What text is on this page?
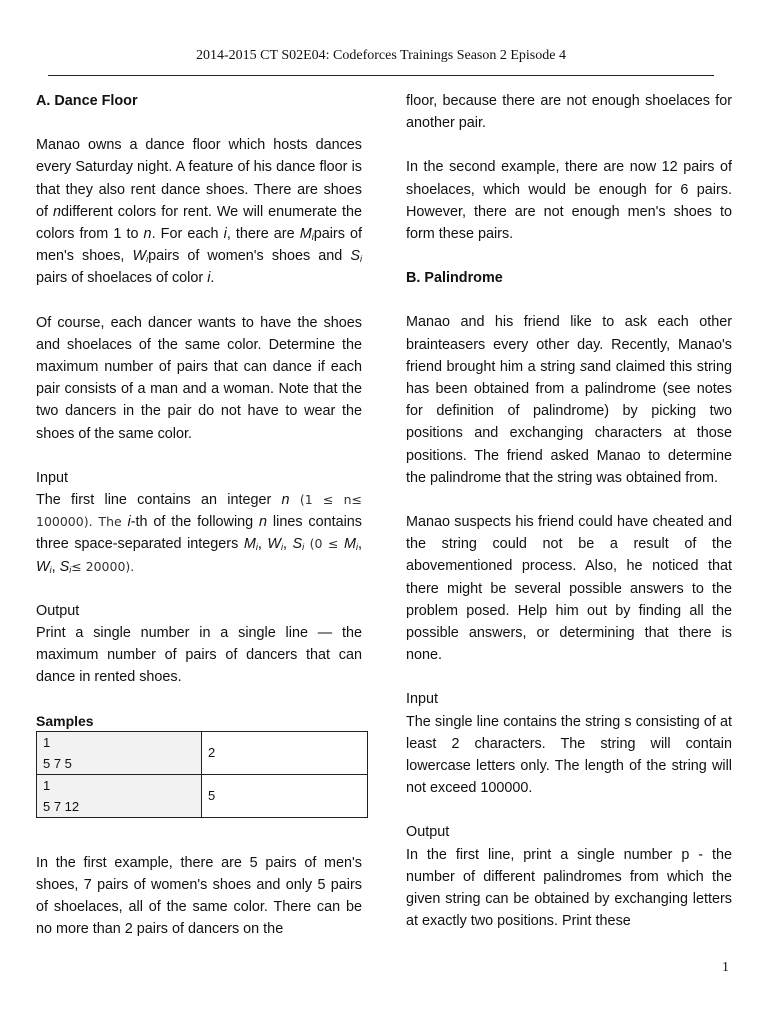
2014-2015 CT S02E04: Codeforces Trainings Season 2 Episode 4
A. Dance Floor

Manao owns a dance floor which hosts dances every Saturday night. A feature of his dance floor is that they also rent dance shoes. There are shoes of ndifferent colors for rent. We will enumerate the colors from 1 to n. For each i, there are $M_ipairs$ of men's shoes, $W_ipairs$ of women's shoes and $S_i$ pairs of shoelaces of color i.

Of course, each dancer wants to have the shoes and shoelaces of the same color. Determine the maximum number of pairs that can dance if each pair consists of a man and a woman. Note that the two dancers in the pair do not have to wear the shoes of the same color.

Input
The first line contains an integer n (1 ≤ n≤ 100000). The i-th of the following n lines contains three space-separated integers $M_i$, $W_i$, $S_i$ ($0 \le M_i$, $W_i$, $S_i\le 20000$).

Output
Print a single number in a single line — the maximum number of pairs of dancers that can dance in rented shoes.

Samples
1
5 7 5	2

1
5 7 12	5

In the first example, there are 5 pairs of men's shoes, 7 pairs of women's shoes and only 5 pairs of shoelaces, all of the same color. There can be no more than 2 pairs of dancers on the

floor, because there are not enough shoelaces for another pair.

In the second example, there are now 12 pairs of shoelaces, which would be enough for 6 pairs. However, there are not enough men's shoes to form these pairs.

B. Palindrome

Manao and his friend like to ask each other brainteasers every other day. Recently, Manao's friend brought him a string sand claimed this string has been obtained from a palindrome (see notes for definition of palindrome) by picking two positions and exchanging characters at those positions. The friend asked Manao to determine the palindrome that the string was obtained from.

Manao suspects his friend could have cheated and the string could not be a result of the abovementioned process. Also, he noticed that there might be several possible answers to the problem posed. Help him out by finding all the possible answers, or determining that there is none.

Input
The single line contains the string s consisting of at least 2 characters. The string will contain lowercase letters only. The length of the string will not exceed 100000.

Output
In the first line, print a single number p - the number of different palindromes from which the given string can be obtained by exchanging letters at exactly two positions. Print these

1
